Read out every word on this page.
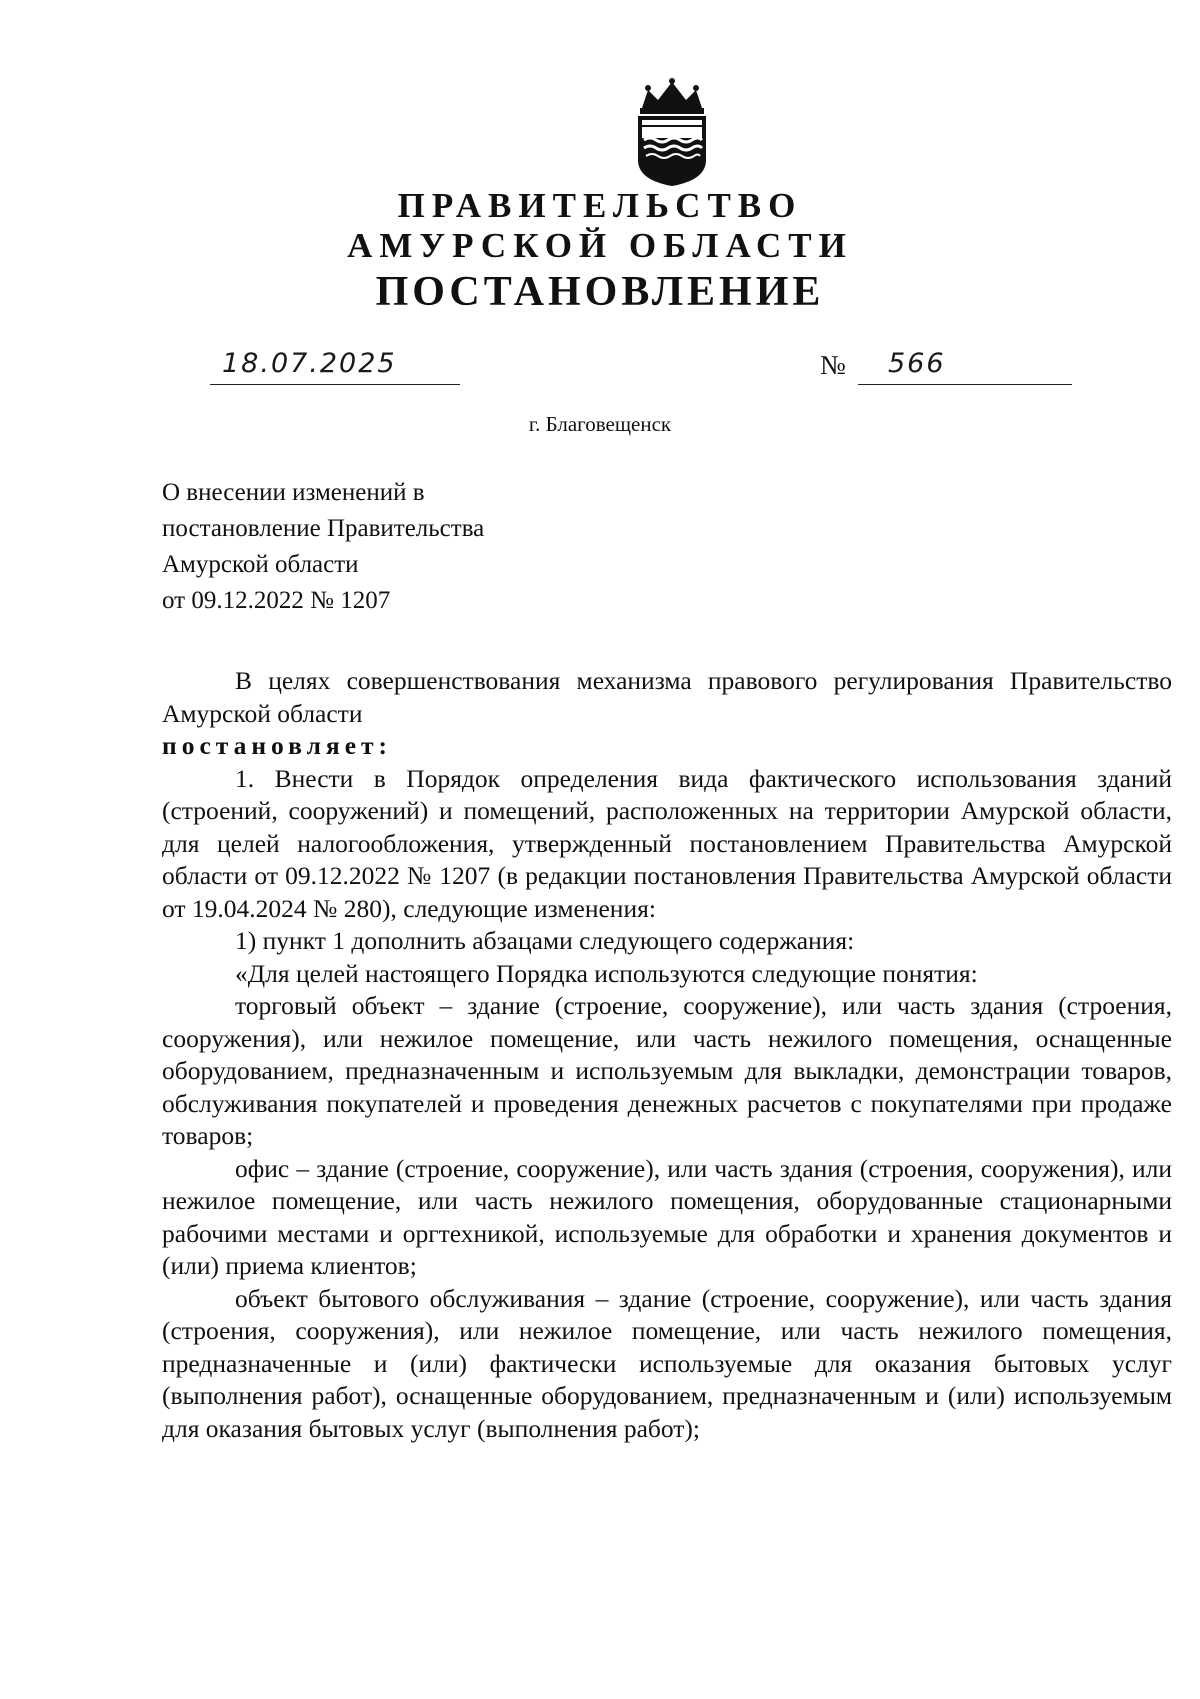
ПРАВИТЕЛЬСТВО
АМУРСКОЙ ОБЛАСТИ
ПОСТАНОВЛЕНИЕ
18.07.2025	№ 566
г. Благовещенск
О внесении изменений в
постановление Правительства
Амурской области
от 09.12.2022 № 1207

В целях совершенствования механизма правового регулирования Правительство Амурской области

постановляет:

1. Внести в Порядок определения вида фактического использования зданий (строений, сооружений) и помещений, расположенных на территории Амурской области, для целей налогообложения, утвержденный постановлением Правительства Амурской области от 09.12.2022 № 1207 (в редакции постановления Правительства Амурской области от 19.04.2024 № 280), следующие изменения:

1) пункт 1 дополнить абзацами следующего содержания:

«Для целей настоящего Порядка используются следующие понятия:

торговый объект – здание (строение, сооружение), или часть здания (строения, сооружения), или нежилое помещение, или часть нежилого помещения, оснащенные оборудованием, предназначенным и используемым для выкладки, демонстрации товаров, обслуживания покупателей и проведения денежных расчетов с покупателями при продаже товаров;

офис – здание (строение, сооружение), или часть здания (строения, сооружения), или нежилое помещение, или часть нежилого помещения, оборудованные стационарными рабочими местами и оргтехникой, используемые для обработки и хранения документов и (или) приема клиентов;

объект бытового обслуживания – здание (строение, сооружение), или часть здания (строения, сооружения), или нежилое помещение, или часть нежилого помещения, предназначенные и (или) фактически используемые для оказания бытовых услуг (выполнения работ), оснащенные оборудованием, предназначенным и (или) используемым для оказания бытовых услуг (выполнения работ);
